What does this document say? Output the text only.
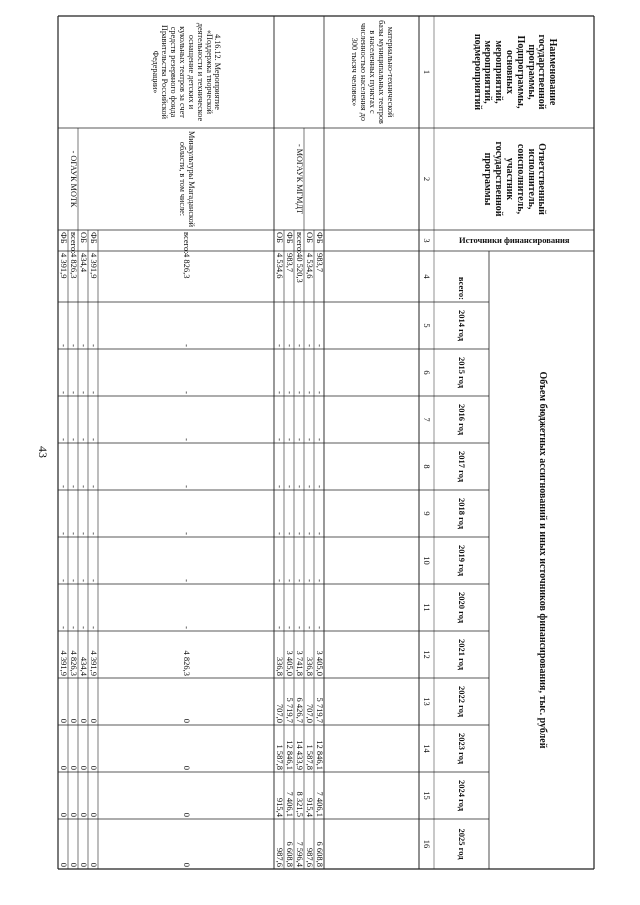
43
Наименование государственной программы, Подпрограммы, основных мероприятий, мероприятий, подмероприятий
Ответственный исполнитель, соисполнитель, участник государственной программы
Источники финансирования
Объем бюджетных ассигнований и иных источников финансирования, тыс. рублей
всего:
2014 год
2015 год
2016 год
2017 год
2018 год
2019 год
2020 год
2021 год
2022 год
2023 год
2024 год
2025 год
1
2
3
4
5
6
7
8
9
10
11
12
13
14
15
16
материально-технической базы муниципальных театров в населенных пунктах с численностью населения до 300 тысяч человек»
ФБ
983,7
-
-
-
-
-
-
-
3 405,0
5 719,7
12 846,1
7 406,1
6 608,8
ОБ
4 534,6
-
-
-
-
-
-
-
336,8
707,0
1 587,8
915,4
987,6
- МОГАУК МГМДТ
всего:
40 520,3
-
-
-
-
-
-
-
3 741,8
6 426,7
14 433,9
8 321,5
7 596,4
ФБ
983,7
-
-
-
-
-
-
-
3 405,0
5 719,7
12 846,1
7 406,1
6 608,8
ОБ
4 534,6
-
-
-
-
-
-
-
336,8
707,0
1 587,8
915,4
987,6
4.16.12. Мероприятие «Поддержка творческой деятельности и техническое оснащение детских и кукольных театров за счет средств резервного фонда Правительства Российской Федерации»
Минкультуры Магаданской области, в том числе:
всего:
4 826,3
-
-
-
-
-
-
-
4 826,3
0
0
0
0
ФБ
4 391,9
-
-
-
-
-
-
-
4 391,9
0
0
0
0
ОБ
434,4
-
-
-
-
-
-
-
434,4
0
0
0
0
- ОГАУК МОТК
всего:
4 826,3
-
-
-
-
-
-
-
4 826,3
0
0
0
0
ФБ
4 391,9
-
-
-
-
-
-
-
4 391,9
0
0
0
0
